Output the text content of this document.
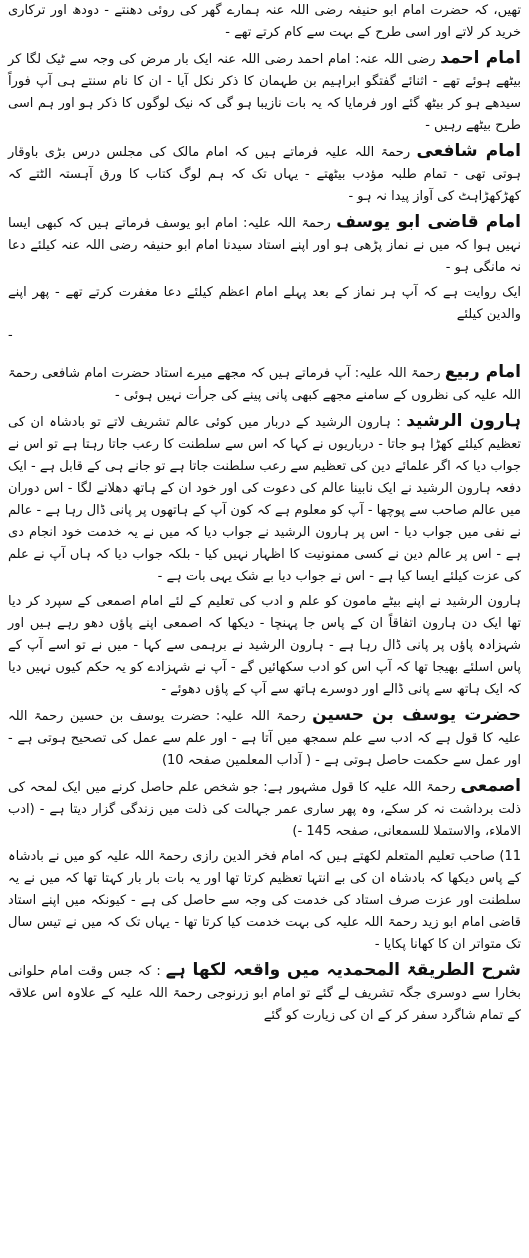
تھیں، کہ حضرت امام ابو حنیفہ رضی اللہ عنہ ہمارے گھر کی روئی دھنتے - دودھ اور ترکاری خرید کر لاتے اور اسی طرح کے بہت سے کام کرتے تھے -

امام احمد رضی اللہ عنہ: امام احمد رضی اللہ عنہ ایک بار مرض کی وجہ سے ٹیک لگا کر بیٹھے ہوئے تھے - اثنائے گفتگو ابراہیم بن طہمان کا ذکر نکل آیا - ان کا نام سنتے ہی آپ فوراً سیدھے ہو کر بیٹھ گئے اور فرمایا کہ یہ بات نازیبا ہو گی کہ نیک لوگوں کا ذکر ہو اور ہم اسی طرح بیٹھے رہیں -

امام شافعی رحمۃ اللہ علیہ فرماتے ہیں کہ امام مالک کی مجلس درس بڑی باوقار ہوتی تھی - تمام طلبہ مؤدب بیٹھتے - یہاں تک کہ ہم لوگ کتاب کا ورق آہستہ الٹتے کہ کھڑکھڑاہٹ کی آواز پیدا نہ ہو -

امام قاضی ابو یوسف رحمۃ اللہ علیہ: امام ابو یوسف فرماتے ہیں کہ کبھی ایسا نہیں ہوا کہ میں نے نماز پڑھی ہو اور اپنے استاد سیدنا امام ابو حنیفہ رضی اللہ عنہ کیلئے دعا نہ مانگی ہو -

ایک روایت ہے کہ آپ ہر نماز کے بعد پہلے امام اعظم کیلئے دعا مغفرت کرتے تھے - پھر اپنے والدین کیلئے

-

امام ربیع رحمۃ اللہ علیہ: آپ فرماتے ہیں کہ مجھے میرے استاد حضرت امام شافعی رحمۃ اللہ علیہ کی نظروں کے سامنے مجھے کبھی پانی پینے کی جرأت نہیں ہوئی -

ہارون الرشید : ہارون الرشید کے دربار میں کوئی عالم تشریف لاتے تو بادشاہ ان کی تعظیم کیلئے کھڑا ہو جاتا - درباریوں نے کہا کہ اس سے سلطنت کا رعب جاتا رہتا ہے تو اس نے جواب دیا کہ اگر علمائے دین کی تعظیم سے رعب سلطنت جاتا ہے تو جانے ہی کے قابل ہے - ایک دفعہ ہارون الرشید نے ایک نابینا عالم کی دعوت کی اور خود ان کے ہاتھ دھلانے لگا - اس دوران میں عالم صاحب سے پوچھا - آپ کو معلوم ہے کہ کون آپ کے ہاتھوں پر پانی ڈال رہا ہے - عالم نے نفی میں جواب دیا - اس پر ہارون الرشید نے جواب دیا کہ میں نے یہ خدمت خود انجام دی ہے - اس پر عالم دین نے کسی ممنونیت کا اظہار نہیں کیا - بلکہ جواب دیا کہ ہاں آپ نے علم کی عزت کیلئے ایسا کیا ہے - اس نے جواب دیا بے شک یہی بات ہے -

ہارون الرشید نے اپنے بیٹے مامون کو علم و ادب کی تعلیم کے لئے امام اصمعی کے سپرد کر دیا تھا ایک دن ہارون اتفاقاً ان کے پاس جا پہنچا - دیکھا کہ اصمعی اپنے پاؤں دھو رہے ہیں اور شہزادہ پاؤں پر پانی ڈال رہا ہے - ہارون الرشید نے برہمی سے کہا - میں نے تو اسے آپ کے پاس اسلئے بھیجا تھا کہ آپ اس کو ادب سکھائیں گے - آپ نے شہزادے کو یہ حکم کیوں نہیں دیا کہ ایک ہاتھ سے پانی ڈالے اور دوسرے ہاتھ سے آپ کے پاؤں دھوئے -

حضرت یوسف بن حسین رحمۃ اللہ علیہ: حضرت یوسف بن حسین رحمۃ اللہ علیہ کا قول ہے کہ ادب سے علم سمجھ میں آتا ہے - اور علم سے عمل کی تصحیح ہوتی ہے - اور عمل سے حکمت حاصل ہوتی ہے - ( آداب المعلمین صفحہ 10)

اصمعی رحمۃ اللہ علیہ کا قول مشہور ہے: جو شخص علم حاصل کرنے میں ایک لمحہ کی ذلت برداشت نہ کر سکے، وہ پھر ساری عمر جہالت کی ذلت میں زندگی گزار دیتا ہے - (ادب الاملاء، والاستملا للسمعانی، صفحہ 145 -)

11) صاحب تعلیم المتعلم لکھتے ہیں کہ امام فخر الدین رازی رحمۃ اللہ علیہ کو میں نے بادشاہ کے پاس دیکھا کہ بادشاہ ان کی بے انتہا تعظیم کرتا تھا اور یہ بات بار بار کہتا تھا کہ میں نے یہ سلطنت اور عزت صرف استاد کی خدمت کی وجہ سے حاصل کی ہے - کیونکہ میں اپنے استاد قاضی امام ابو زید رحمۃ اللہ علیہ کی بہت خدمت کیا کرتا تھا - یہاں تک کہ میں نے تیس سال تک متواتر ان کا کھانا پکایا -

شرح الطریقۃ المحمدیہ میں واقعہ لکھا ہے : کہ جس وقت امام حلوانی بخارا سے دوسری جگہ تشریف لے گئے تو امام ابو زرنوجی رحمۃ اللہ علیہ کے علاوہ اس علاقہ کے تمام شاگرد سفر کر کے ان کی زیارت کو گئے
